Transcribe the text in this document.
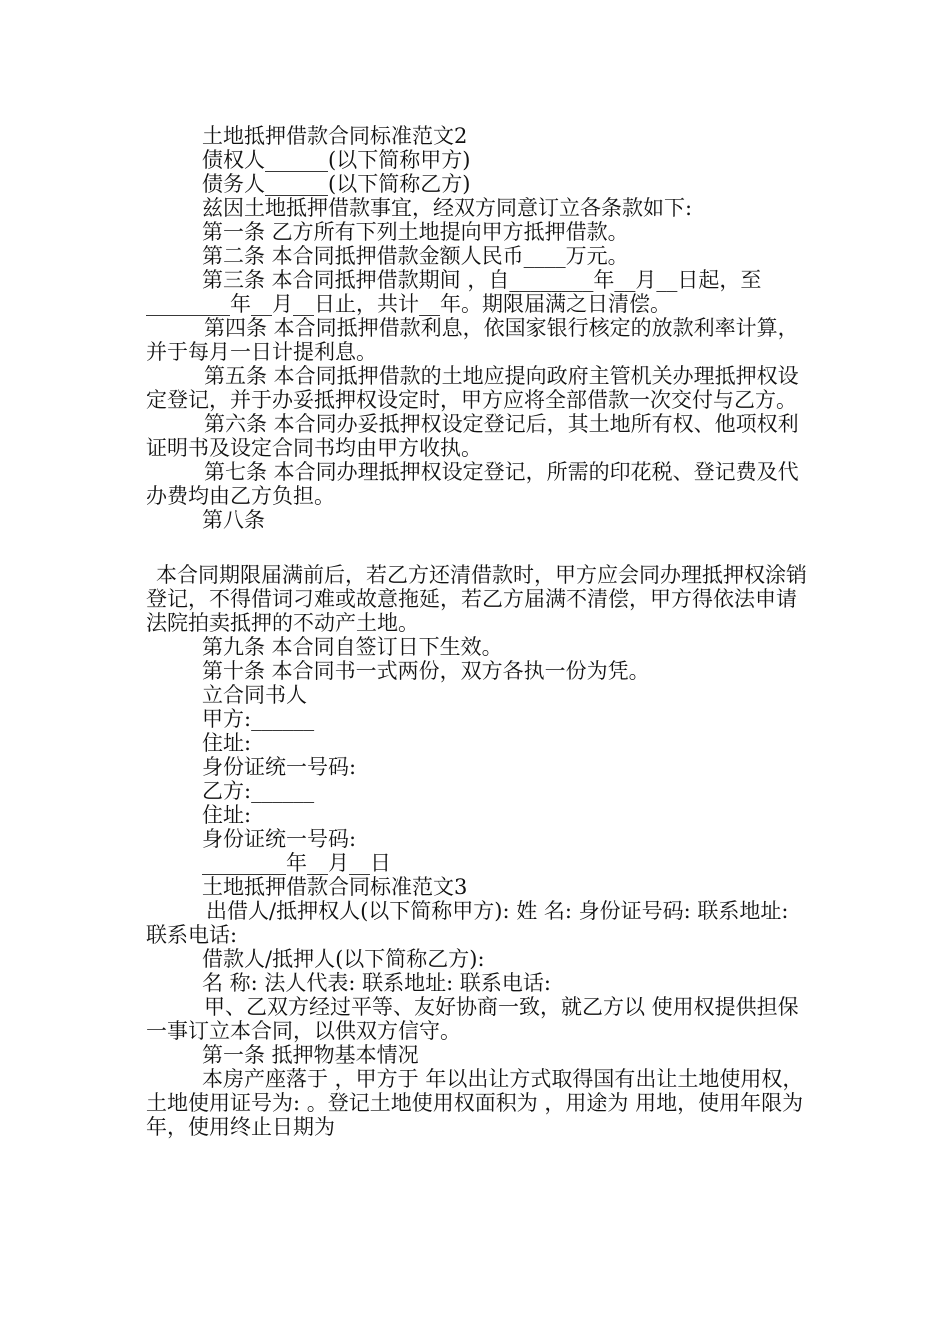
土地抵押借款合同标准范文2

债权人______(以下简称甲方)

债务人______(以下简称乙方)

兹因土地抵押借款事宜，经双方同意订立各条款如下:

第一条 乙方所有下列土地提向甲方抵押借款。

第二条 本合同抵押借款金额人民币____万元。

第三条 本合同抵押借款期间 ，自________年__月__日起，至________年__月__日止，共计__年。期限届满之日清偿。

第四条 本合同抵押借款利息，依国家银行核定的放款利率计算，并于每月一日计提利息。

第五条 本合同抵押借款的土地应提向政府主管机关办理抵押权设定登记，并于办妥抵押权设定时，甲方应将全部借款一次交付与乙方。

第六条 本合同办妥抵押权设定登记后，其土地所有权、他项权利证明书及设定合同书均由甲方收执。

第七条 本合同办理抵押权设定登记，所需的印花税、登记费及代办费均由乙方负担。

第八条

本合同期限届满前后，若乙方还清借款时，甲方应会同办理抵押权涂销登记，不得借词刁难或故意拖延，若乙方届满不清偿，甲方得依法申请法院拍卖抵押的不动产土地。

第九条 本合同自签订日下生效。

第十条 本合同书一式两份，双方各执一份为凭。

立合同书人

甲方:______

住址:

身份证统一号码:

乙方:______

住址:

身份证统一号码:

________年__月__日

土地抵押借款合同标准范文3

出借人/抵押权人(以下简称甲方): 姓 名: 身份证号码: 联系地址: 联系电话:

借款人/抵押人(以下简称乙方):

名 称: 法人代表: 联系地址: 联系电话:

甲、乙双方经过平等、友好协商一致，就乙方以 使用权提供担保一事订立本合同，以供双方信守。

第一条 抵押物基本情况

本房产座落于 ，甲方于 年以出让方式取得国有出让土地使用权，土地使用证号为: 。登记土地使用权面积为 ，用途为 用地，使用年限为 年，使用终止日期为
